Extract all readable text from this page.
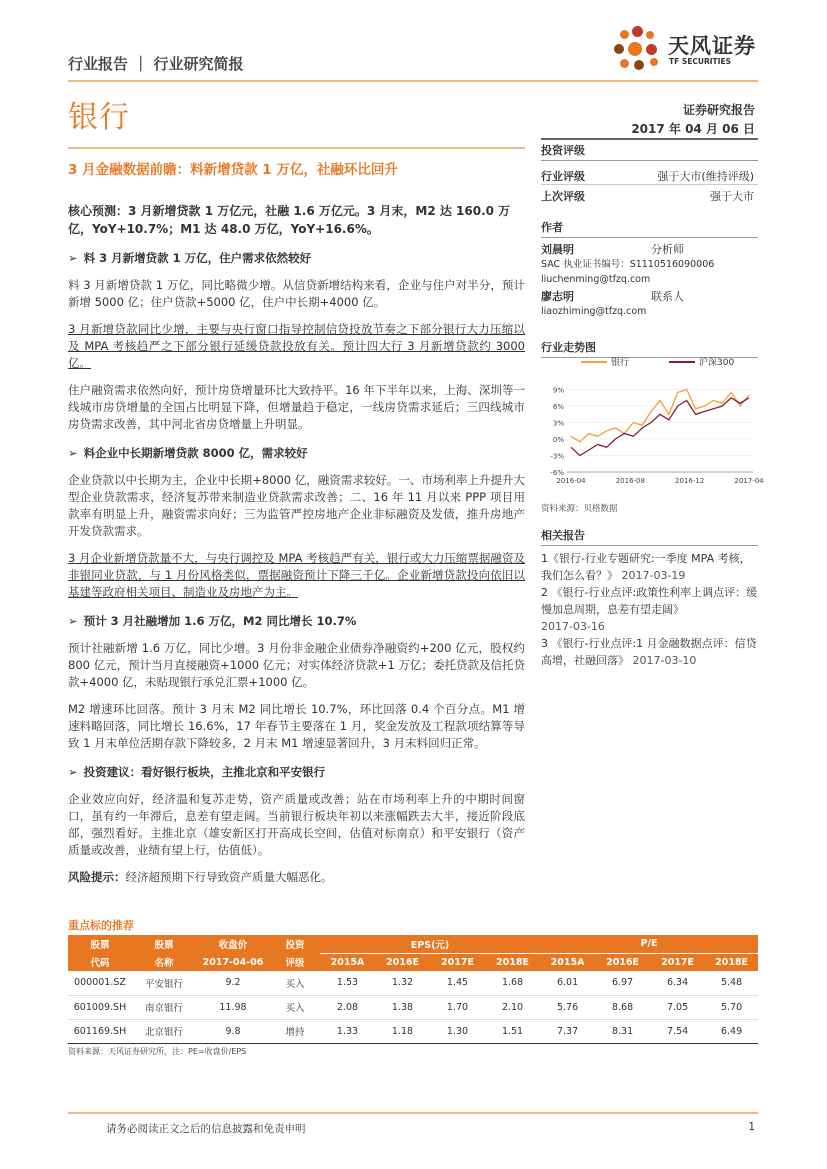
行业报告 ｜ 行业研究简报
天风证券
TF SECURITIES
银行	证券研究报告
2017 年 04 月 06 日
3 月金融数据前瞻：料新增贷款 1 万亿，社融环比回升
核心预测：3 月新增贷款 1 万亿元，社融 1.6 万亿元。3 月末，M2 达 160.0 万亿，YoY+10.7%；M1 达 48.0 万亿，YoY+16.6%。
➢ 料 3 月新增贷款 1 万亿，住户需求依然较好
料 3 月新增贷款 1 万亿，同比略微少增。从信贷新增结构来看，企业与住户对半分，预计新增 5000 亿；住户贷款+5000 亿，住户中长期+4000 亿。
3 月新增贷款同比少增，主要与央行窗口指导控制信贷投放节奏之下部分银行大力压缩以及 MPA 考核趋严之下部分银行延缓贷款投放有关。预计四大行 3 月新增贷款约 3000 亿。
住户融资需求依然向好，预计房贷增量环比大致持平。16 年下半年以来，上海、深圳等一线城市房贷增量的全国占比明显下降，但增量趋于稳定，一线房贷需求延后；三四线城市房贷需求改善，其中河北省房贷增量上升明显。
➢ 料企业中长期新增贷款 8000 亿，需求较好
企业贷款以中长期为主，企业中长期+8000 亿，融资需求较好。一、市场利率上升提升大型企业贷款需求，经济复苏带来制造业贷款需求改善；二、16 年 11 月以来 PPP 项目用款率有明显上升，融资需求向好；三为监管严控房地产企业非标融资及发债，推升房地产开发贷款需求。
3 月企业新增贷款量不大，与央行调控及 MPA 考核趋严有关，银行或大力压缩票据融资及非银同业贷款，与 1 月份风格类似，票据融资预计下降三千亿。企业新增贷款投向依旧以基建等政府相关项目、制造业及房地产为主。
➢ 预计 3 月社融增加 1.6 万亿，M2 同比增长 10.7%
预计社融新增 1.6 万亿，同比少增。3 月份非金融企业债券净融资约+200 亿元，股权约 800 亿元，预计当月直接融资+1000 亿元；对实体经济贷款+1 万亿；委托贷款及信托贷款+4000 亿，未贴现银行承兑汇票+1000 亿。
M2 增速环比回落。预计 3 月末 M2 同比增长 10.7%，环比回落 0.4 个百分点。M1 增速料略回落，同比增长 16.6%，17 年春节主要落在 1 月，奖金发放及工程款项结算等导致 1 月末单位活期存款下降较多，2 月末 M1 增速显著回升，3 月末料回归正常。
➢ 投资建议：看好银行板块，主推北京和平安银行
企业效应向好，经济温和复苏走势，资产质量或改善；站在市场利率上升的中期时间窗口，虽有约一年滞后，息差有望走阔。当前银行板块年初以来涨幅跌去大半，接近阶段底部，强烈看好。主推北京（雄安新区打开高成长空间，估值对标南京）和平安银行（资产质量或改善，业绩有望上行，估值低）。
风险提示：经济超预期下行导致资产质量大幅恶化。
投资评级
行业评级	强于大市(维持评级)
上次评级	强于大市
作者
刘晨明	分析师
SAC 执业证书编号：S1110516090006
liuchenming@tfzq.com
廖志明	联系人
liaozhiming@tfzq.com
行业走势图
银行	沪深300
-6%
-3%
0%
3%
6%
9%
2016-04	2016-08	2016-12	2017-04
资料来源：贝格数据
相关报告
1《银行-行业专题研究:一季度 MPA 考核，我们怎么看？》 2017-03-19
2 《银行-行业点评:政策性利率上调点评：缓慢加息周期，息差有望走阔》
2017-03-16
3 《银行-行业点评:1 月金融数据点评：信贷高增，社融回落》 2017-03-10
重点标的推荐
股票	股票	收盘价	投资	EPS(元)				P/E			
代码	名称	2017-04-06	评级	2015A	2016E	2017E	2018E	2015A	2016E	2017E	2018E
000001.SZ	平安银行	9.2	买入	1.53	1.32	1.45	1.68	6.01	6.97	6.34	5.48
601009.SH	南京银行	11.98	买入	2.08	1.38	1.70	2.10	5.76	8.68	7.05	5.70
601169.SH	北京银行	9.8	增持	1.33	1.18	1.30	1.51	7.37	8.31	7.54	6.49
资料来源：天风证券研究所，注：PE=收盘价/EPS
请务必阅读正文之后的信息披露和免责申明	1
